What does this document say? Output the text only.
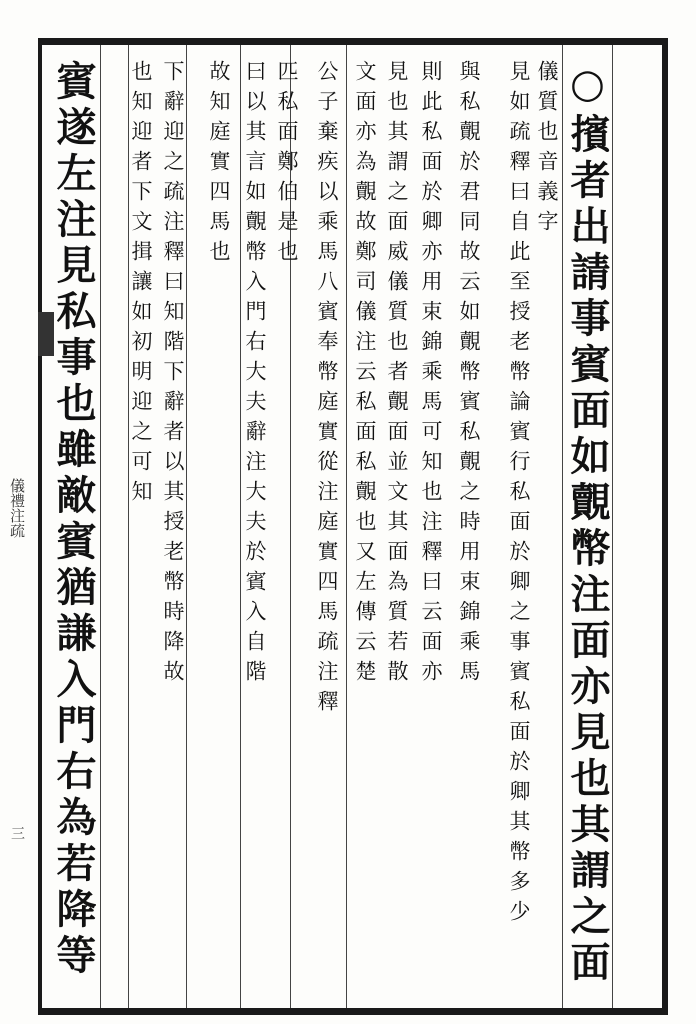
儀禮注疏
三
○擯者出請事賓面如覿幣注面亦見也其謂之面
儀質也音義字
見如疏釋曰自此至授老幣論賓行私面於卿之事賓私面於卿其幣多少
與私覿於君同故云如覿幣賓私覿之時用束錦乘馬
則此私面於卿亦用束錦乘馬可知也注釋曰云面亦
見也其謂之面威儀質也者覿面並文其面為質若散
文面亦為覿故鄭司儀注云私面私覿也又左傳云楚
公子棄疾以乘馬八賓奉幣庭實從注庭實四馬疏注釋
匹私面鄭伯是也
曰以其言如覿幣入門右大夫辭注大夫於賓入自階
故知庭實四馬也
下辭迎之疏注釋曰知階下辭者以其授老幣時降故
也知迎者下文揖讓如初明迎之可知
賓遂左注見私事也雖敵賓猶謙入門右為若降等
